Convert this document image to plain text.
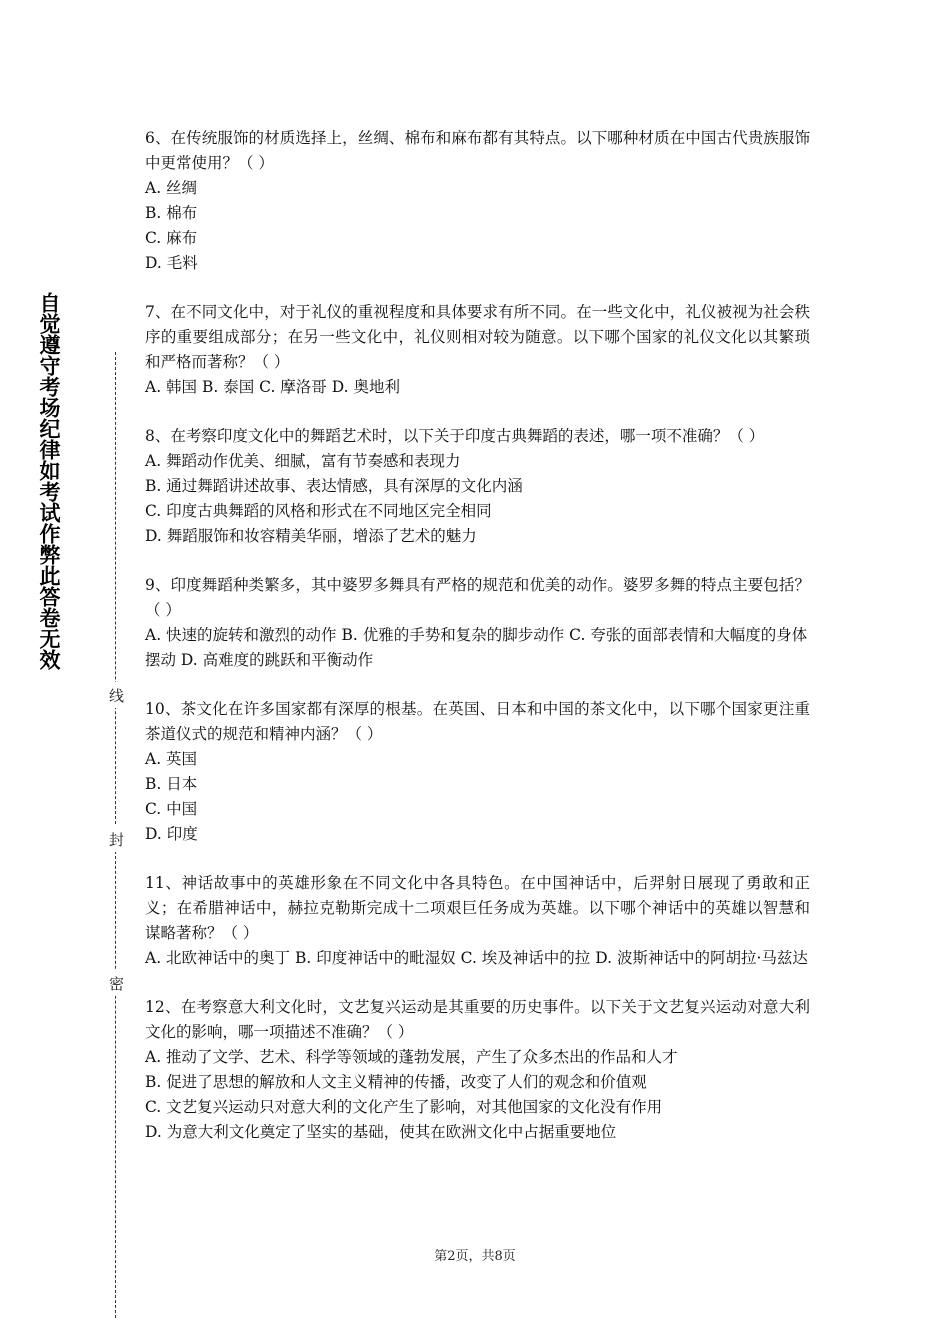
自觉遵守考场纪律如考试作弊此答卷无效
线
封
密

6、在传统服饰的材质选择上，丝绸、棉布和麻布都有其特点。以下哪种材质在中国古代贵族服饰中更常使用？（ ）

A. 丝绸

B. 棉布

C. 麻布

D. 毛料

7、在不同文化中，对于礼仪的重视程度和具体要求有所不同。在一些文化中，礼仪被视为社会秩序的重要组成部分；在另一些文化中，礼仪则相对较为随意。以下哪个国家的礼仪文化以其繁琐和严格而著称？（ ）

A. 韩国 B. 泰国 C. 摩洛哥 D. 奥地利

8、在考察印度文化中的舞蹈艺术时，以下关于印度古典舞蹈的表述，哪一项不准确？（ ）

A. 舞蹈动作优美、细腻，富有节奏感和表现力

B. 通过舞蹈讲述故事、表达情感，具有深厚的文化内涵

C. 印度古典舞蹈的风格和形式在不同地区完全相同

D. 舞蹈服饰和妆容精美华丽，增添了艺术的魅力

9、印度舞蹈种类繁多，其中婆罗多舞具有严格的规范和优美的动作。婆罗多舞的特点主要包括？（ ）

A. 快速的旋转和激烈的动作 B. 优雅的手势和复杂的脚步动作 C. 夸张的面部表情和大幅度的身体摆动 D. 高难度的跳跃和平衡动作

10、茶文化在许多国家都有深厚的根基。在英国、日本和中国的茶文化中，以下哪个国家更注重茶道仪式的规范和精神内涵？（ ）

A. 英国

B. 日本

C. 中国

D. 印度

11、神话故事中的英雄形象在不同文化中各具特色。在中国神话中，后羿射日展现了勇敢和正义；在希腊神话中，赫拉克勒斯完成十二项艰巨任务成为英雄。以下哪个神话中的英雄以智慧和谋略著称？（ ）

A. 北欧神话中的奥丁 B. 印度神话中的毗湿奴 C. 埃及神话中的拉 D. 波斯神话中的阿胡拉·马兹达

12、在考察意大利文化时，文艺复兴运动是其重要的历史事件。以下关于文艺复兴运动对意大利文化的影响，哪一项描述不准确？（ ）

A. 推动了文学、艺术、科学等领域的蓬勃发展，产生了众多杰出的作品和人才

B. 促进了思想的解放和人文主义精神的传播，改变了人们的观念和价值观

C. 文艺复兴运动只对意大利的文化产生了影响，对其他国家的文化没有作用

D. 为意大利文化奠定了坚实的基础，使其在欧洲文化中占据重要地位

第2页，共8页
